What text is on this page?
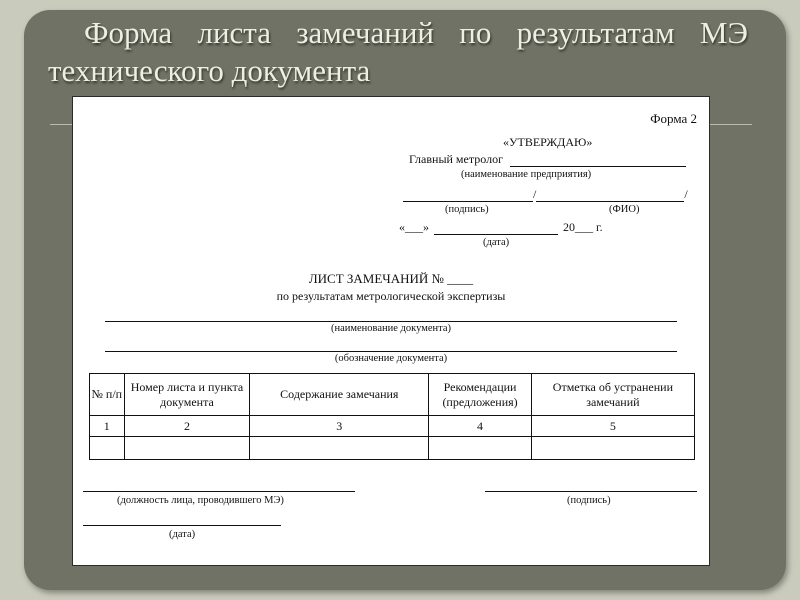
Форма листа замечаний по результатам МЭ
технического документа
Форма 2
«УТВЕРЖДАЮ»
Главный метролог
(наименование предприятия)
/	/
(подпись)	(ФИО)
«___»	20___ г.
(дата)
ЛИСТ ЗАМЕЧАНИЙ № ____
по результатам метрологической экспертизы
(наименование документа)
(обозначение документа)
№ п/п	Номер листа и пункта документа	Содержание замечания	Рекомендации (предложения)	Отметка об устранении замечаний
1	2	3	4	5

(должность лица, проводившего МЭ)	(подпись)
(дата)
